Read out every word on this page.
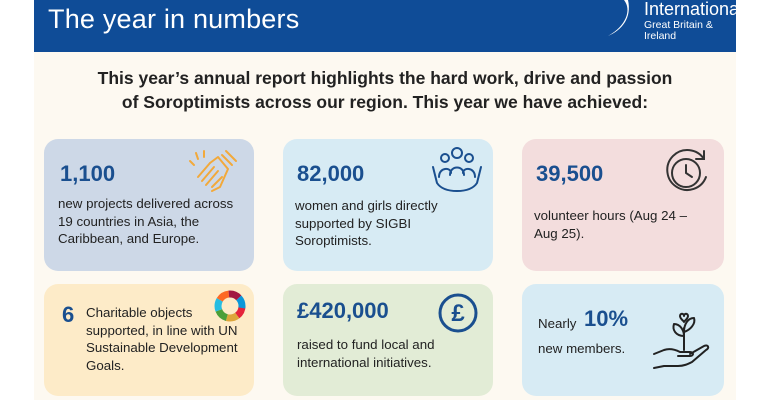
The year in numbers	International
Great Britain & Ireland
This year’s annual report highlights the hard work, drive and passion
of Soroptimists across our region. This year we have achieved:
1,100
new projects delivered across 19 countries in Asia, the Caribbean, and Europe.
82,000
women and girls directly supported by SIGBI Soroptimists.
39,500
volunteer hours (Aug 24 – Aug 25).
6 Charitable objects supported, in line with UN Sustainable Development Goals.
£420,000
raised to fund local and international initiatives.
£	Nearly 10%
new members.
